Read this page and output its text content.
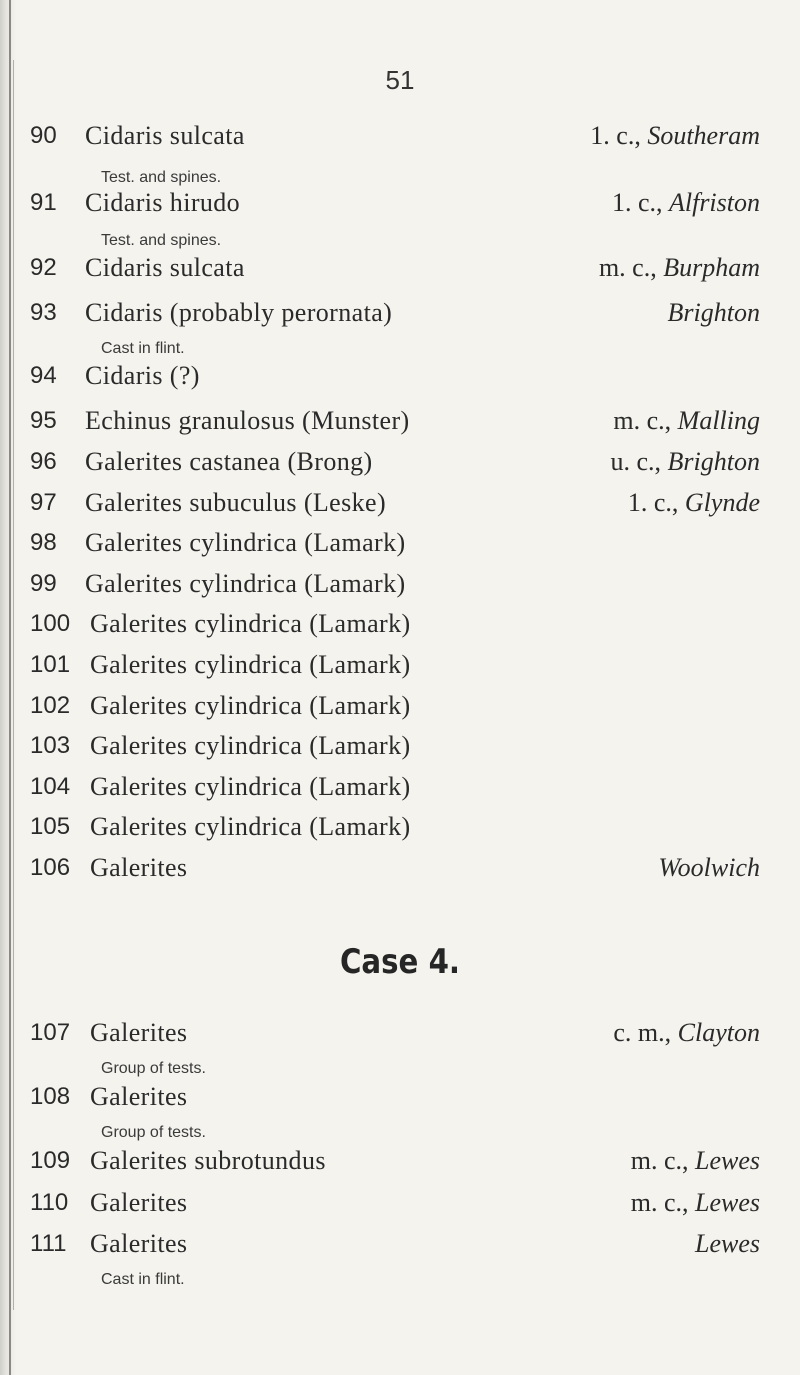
51
90	Cidaris sulcata	1. c., Southeram
Test. and spines.
91	Cidaris hirudo	1. c., Alfriston
Test. and spines.
92	Cidaris sulcata	m. c., Burpham
93	Cidaris (probably perornata)	Brighton
Cast in flint.
94	Cidaris (?)
95	Echinus granulosus (Munster)	m. c., Malling
96	Galerites castanea (Brong)	u. c., Brighton
97	Galerites subuculus (Leske)	1. c., Glynde
98	Galerites cylindrica (Lamark)
99	Galerites cylindrica (Lamark)
100 Galerites cylindrica (Lamark)
101 Galerites cylindrica (Lamark)
102 Galerites cylindrica (Lamark)
103 Galerites cylindrica (Lamark)
104 Galerites cylindrica (Lamark)
105 Galerites cylindrica (Lamark)
106 Galerites	Woolwich
Case 4.
107 Galerites	c. m., Clayton
Group of tests.
108 Galerites
Group of tests.
109 Galerites subrotundus	m. c., Lewes
110 Galerites	m. c., Lewes
111 Galerites	Lewes
Cast in flint.
